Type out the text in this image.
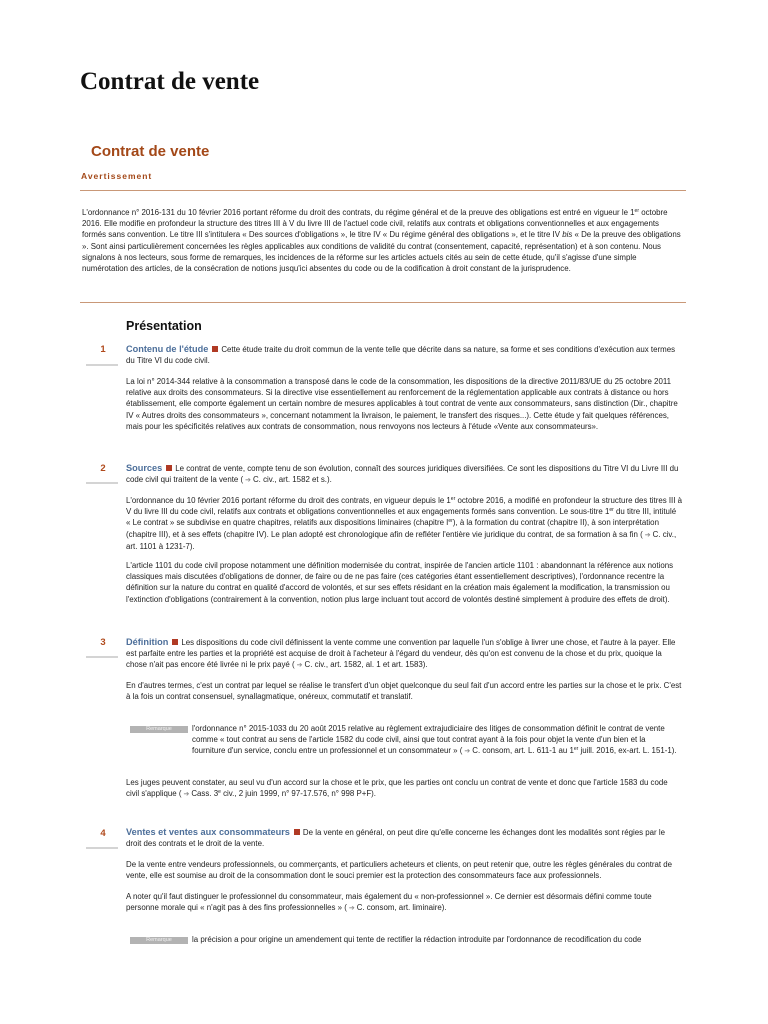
Contrat de vente
Contrat de vente
Avertissement

L'ordonnance n° 2016-131 du 10 février 2016 portant réforme du droit des contrats, du régime général et de la preuve des obligations est entré en vigueur le 1er octobre 2016. Elle modifie en profondeur la structure des titres III à V du livre III de l'actuel code civil, relatifs aux contrats et obligations conventionnelles et aux engagements formés sans convention. Le titre III s'intitulera « Des sources d'obligations », le titre IV « Du régime général des obligations », et le titre IV bis « De la preuve des obligations ». Sont ainsi particulièrement concernées les règles applicables aux conditions de validité du contrat (consentement, capacité, représentation) et à son contenu. Nous signalons à nos lecteurs, sous forme de remarques, les incidences de la réforme sur les articles actuels cités au sein de cette étude, qu'il s'agisse d'une simple numérotation des articles, de la consécration de notions jusqu'ici absentes du code ou de la codification à droit constant de la jurisprudence.

Présentation
1	Contenu de l'étude Cette étude traite du droit commun de la vente telle que décrite dans sa nature, sa forme et ses conditions d'exécution aux termes du Titre VI du code civil.

La loi n° 2014-344 relative à la consommation a transposé dans le code de la consommation, les dispositions de la directive 2011/83/UE du 25 octobre 2011 relative aux droits des consommateurs. Si la directive vise essentiellement au renforcement de la réglementation applicable aux contrats à distance ou hors établissement, elle comporte également un certain nombre de mesures applicables à tout contrat de vente aux consommateurs, sans distinction (Dir., chapitre IV « Autres droits des consommateurs », concernant notamment la livraison, le paiement, le transfert des risques...). Cette étude y fait quelques références, mais pour les spécificités relatives aux contrats de consommation, nous renvoyons nos lecteurs à l'étude «Vente aux consommateurs».

2	Sources Le contrat de vente, compte tenu de son évolution, connaît des sources juridiques diversifiées. Ce sont les dispositions du Titre VI du Livre III du code civil qui traitent de la vente ( ➔ C. civ., art. 1582 et s.).

L'ordonnance du 10 février 2016 portant réforme du droit des contrats, en vigueur depuis le 1er octobre 2016, a modifié en profondeur la structure des titres III à V du livre III du code civil, relatifs aux contrats et obligations conventionnelles et aux engagements formés sans convention. Le sous-titre 1er du titre III, intitulé « Le contrat » se subdivise en quatre chapitres, relatifs aux dispositions liminaires (chapitre Ier), à la formation du contrat (chapitre II), à son interprétation (chapitre III), et à ses effets (chapitre IV). Le plan adopté est chronologique afin de refléter l'entière vie juridique du contrat, de sa formation à sa fin ( ➔ C. civ., art. 1101 à 1231-7).

L'article 1101 du code civil propose notamment une définition modernisée du contrat, inspirée de l'ancien article 1101 : abandonnant la référence aux notions classiques mais discutées d'obligations de donner, de faire ou de ne pas faire (ces catégories étant essentiellement descriptives), l'ordonnance recentre la définition sur la nature du contrat en qualité d'accord de volontés, et sur ses effets résidant en la création mais également la modification, la transmission ou l'extinction d'obligations (contrairement à la convention, notion plus large incluant tout accord de volontés destiné simplement à produire des effets de droit).

3	Définition Les dispositions du code civil définissent la vente comme une convention par laquelle l'un s'oblige à livrer une chose, et l'autre à la payer. Elle est parfaite entre les parties et la propriété est acquise de droit à l'acheteur à l'égard du vendeur, dès qu'on est convenu de la chose et du prix, quoique la chose n'ait pas encore été livrée ni le prix payé ( ➔ C. civ., art. 1582, al. 1 et art. 1583).

En d'autres termes, c'est un contrat par lequel se réalise le transfert d'un objet quelconque du seul fait d'un accord entre les parties sur la chose et le prix. C'est à la fois un contrat consensuel, synallagmatique, onéreux, commutatif et translatif.

Remarque	l'ordonnance n° 2015-1033 du 20 août 2015 relative au règlement extrajudiciaire des litiges de consommation définit le contrat de vente comme « tout contrat au sens de l'article 1582 du code civil, ainsi que tout contrat ayant à la fois pour objet la vente d'un bien et la fourniture d'un service, conclu entre un professionnel et un consommateur » ( ➔ C. consom, art. L. 611-1 au 1er juill. 2016, ex-art. L. 151-1).

Les juges peuvent constater, au seul vu d'un accord sur la chose et le prix, que les parties ont conclu un contrat de vente et donc que l'article 1583 du code civil s'applique ( ➔ Cass. 3e civ., 2 juin 1999, n° 97-17.576, n° 998 P+F).

4	Ventes et ventes aux consommateurs De la vente en général, on peut dire qu'elle concerne les échanges dont les modalités sont régies par le droit des contrats et le droit de la vente.

De la vente entre vendeurs professionnels, ou commerçants, et particuliers acheteurs et clients, on peut retenir que, outre les règles générales du contrat de vente, elle est soumise au droit de la consommation dont le souci premier est la protection des consommateurs face aux professionnels.

A noter qu'il faut distinguer le professionnel du consommateur, mais également du « non-professionnel ». Ce dernier est désormais défini comme toute personne morale qui « n'agit pas à des fins professionnelles » ( ➔ C. consom, art. liminaire).

Remarque	la précision a pour origine un amendement qui tente de rectifier la rédaction introduite par l'ordonnance de recodification du code
